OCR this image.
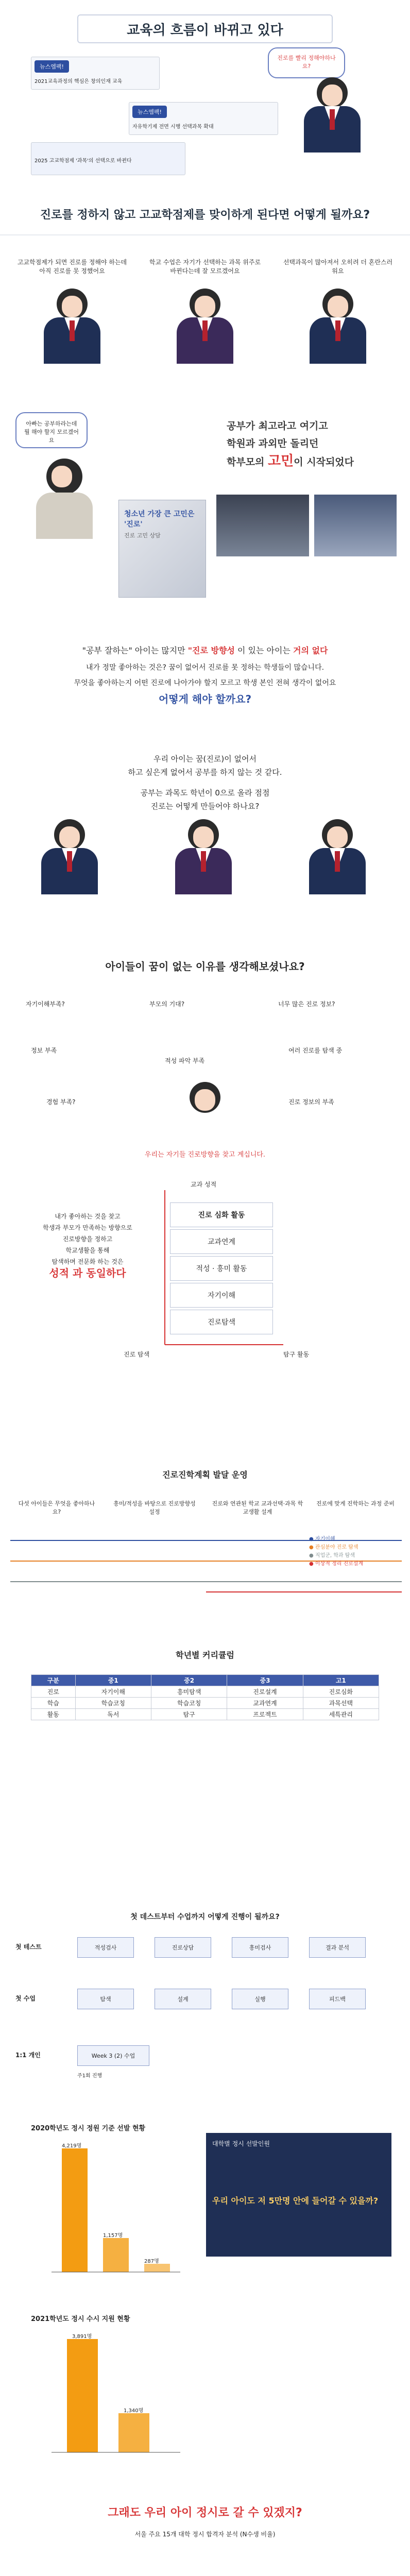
교육의 흐름이 바뀌고 있다
뉴스엠팩!
2021교육과정의 핵심은 창의인재 교육
뉴스엠팩!
자유학기제 전면 시행 선택과목 확대
2025 고교학점제 '과목'의 선택으로 바뀐다
진로를 빨리 정해야하나요?
진로를 정하지 않고 고교학점제를 맞이하게 된다면 어떻게 될까요?
고교학점제가 되면 진로를 정해야 하는데 아직 진로를 못 정했어요
학교 수업은 자기가 선택하는 과목 위주로 바뀐다는데 잘 모르겠어요
선택과목이 많아져서 오히려 더 혼란스러워요
아빠는 공부하라는데
뭘 해야 할지 모르겠어요
공부가 최고라고 여기고
학원과 과외만 돌리던
학부모의 고민이 시작되었다
청소년 가장 큰 고민은 '진로'
진로 고민 상담
"공부 잘하는" 아이는 많지만 "진로 방향성 이 있는 아이는 거의 없다
내가 정말 좋아하는 것은? 꿈이 없어서 진로를 못 정하는 학생들이 많습니다.
무엇을 좋아하는지 어떤 진로에 나아가야 할지 모르고 학생 본인 전혀 생각이 없어요
어떻게 해야 할까요?
우리 아이는 꿈(진로)이 없어서
하고 싶은게 없어서 공부를 하지 않는 것 같다.
공부는 과목도 학년이 0으로 올라 점점
진로는 어떻게 만들어야 하나요?
아이들이 꿈이 없는 이유를 생각해보셨나요?
자기이해부족?	부모의 기대?	너무 많은 진로 정보?
정보 부족
적성 파악 부족
여러 진로를 탐색 중
경험 부족?	진로 정보의 부족
우리는 자기들 진로방향을 찾고 계십니다.
교과 성적
내가 좋아하는 것을 찾고
학생과 부모가 만족하는 방향으로
진로방향을 정하고
학교생활을 통해
탐색하며 전문화 하는 것은
성적 과 동일하다
진로 심화 활동
교과연계
적성 · 흥미 활동
자기이해
진로탐색
진로 탐색	탐구 활동
진로진학계획 발달 운영
다섯 아이들은 무엇을 좋아하나요?
흥미/적성을 바탕으로 진로방향성 설정
진로와 연관된 학교 교과선택·과목 학교생활 설계
진로에 맞게 진학하는 과정 준비
● 자기이해
● 관심분야 진로 탐색
● 직업군, 학과 탐색
● 이상적 정리 진로설계
학년별 커리큘럼
구분	중1	중2	중3	고1
진로	자기이해	흥미탐색	진로설계	진로심화
학습	학습코칭	학습코칭	교과연계	과목선택
활동	독서	탐구	프로젝트	세특관리
첫 데스트부터 수업까지 어떻게 진행이 될까요?
첫 테스트	적성검사	진로상담	흥미검사	결과 분석
첫 수업	탐색	설계	실행	피드백
1:1 개인	Week 3 (2) 수업
주1회 진행
2020학년도 정시 정원 기준 선발 현황
4,219명
1,157명
287명
대학별 정시 선발인원
우리 아이도 저 5만명 안에 들어갈 수 있을까?
2021학년도 정시 수시 지원 현황
3,891명
1,340명
그래도 우리 아이 정시로 갈 수 있겠지?
서울 주요 15개 대학 정시 합격자 분석 (N수생 비율)
